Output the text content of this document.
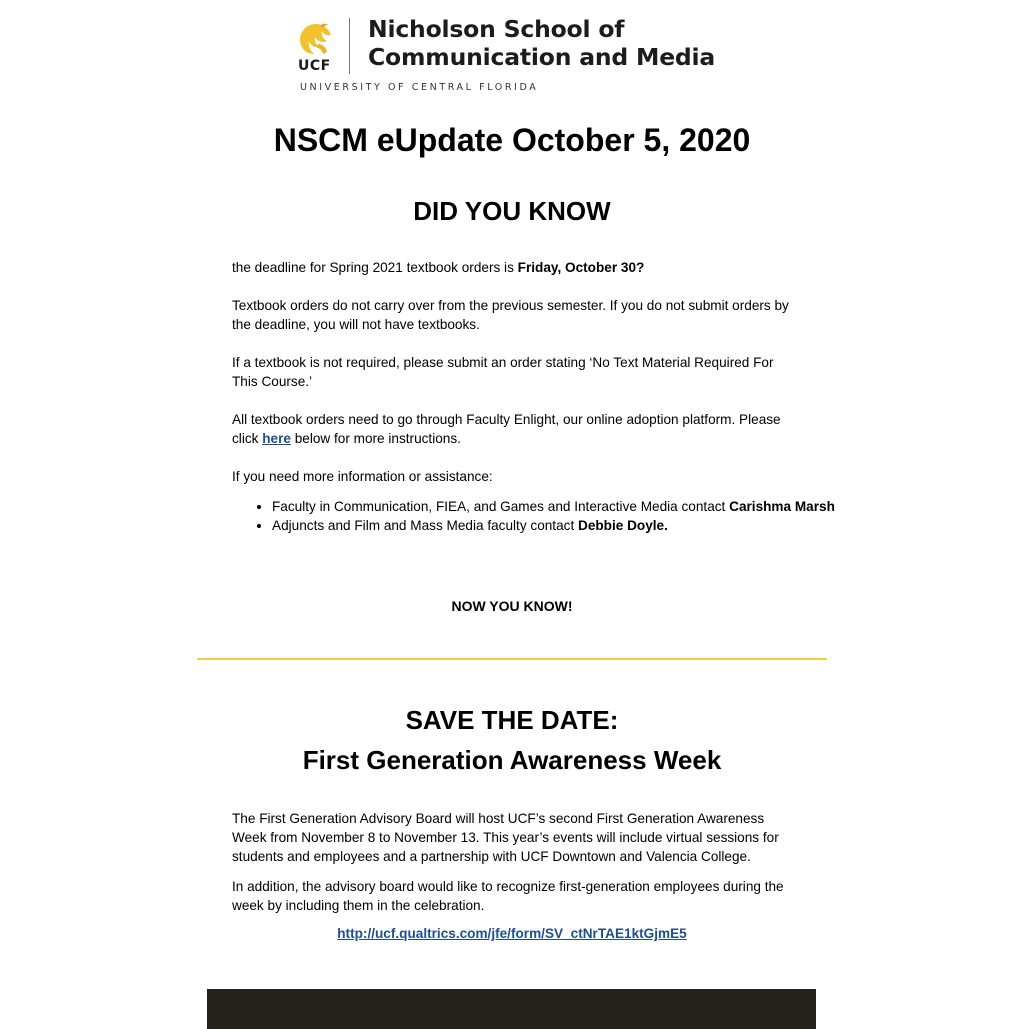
UCF
Nicholson School of
Communication and Media
UNIVERSITY OF CENTRAL FLORIDA
NSCM eUpdate October 5, 2020
DID YOU KNOW
the deadline for Spring 2021 textbook orders is Friday, October 30?
Textbook orders do not carry over from the previous semester. If you do not submit orders by the deadline, you will not have textbooks.
If a textbook is not required, please submit an order stating ‘No Text Material Required For This Course.’
All textbook orders need to go through Faculty Enlight, our online adoption platform. Please click here below for more instructions.
If you need more information or assistance:
• Faculty in Communication, FIEA, and Games and Interactive Media contact Carishma Marsh
• Adjuncts and Film and Mass Media faculty contact Debbie Doyle.
NOW YOU KNOW!
SAVE THE DATE:
First Generation Awareness Week
The First Generation Advisory Board will host UCF’s second First Generation Awareness Week from November 8 to November 13. This year’s events will include virtual sessions for students and employees and a partnership with UCF Downtown and Valencia College.
In addition, the advisory board would like to recognize first-generation employees during the week by including them in the celebration.
http://ucf.qualtrics.com/jfe/form/SV_ctNrTAE1ktGjmE5
